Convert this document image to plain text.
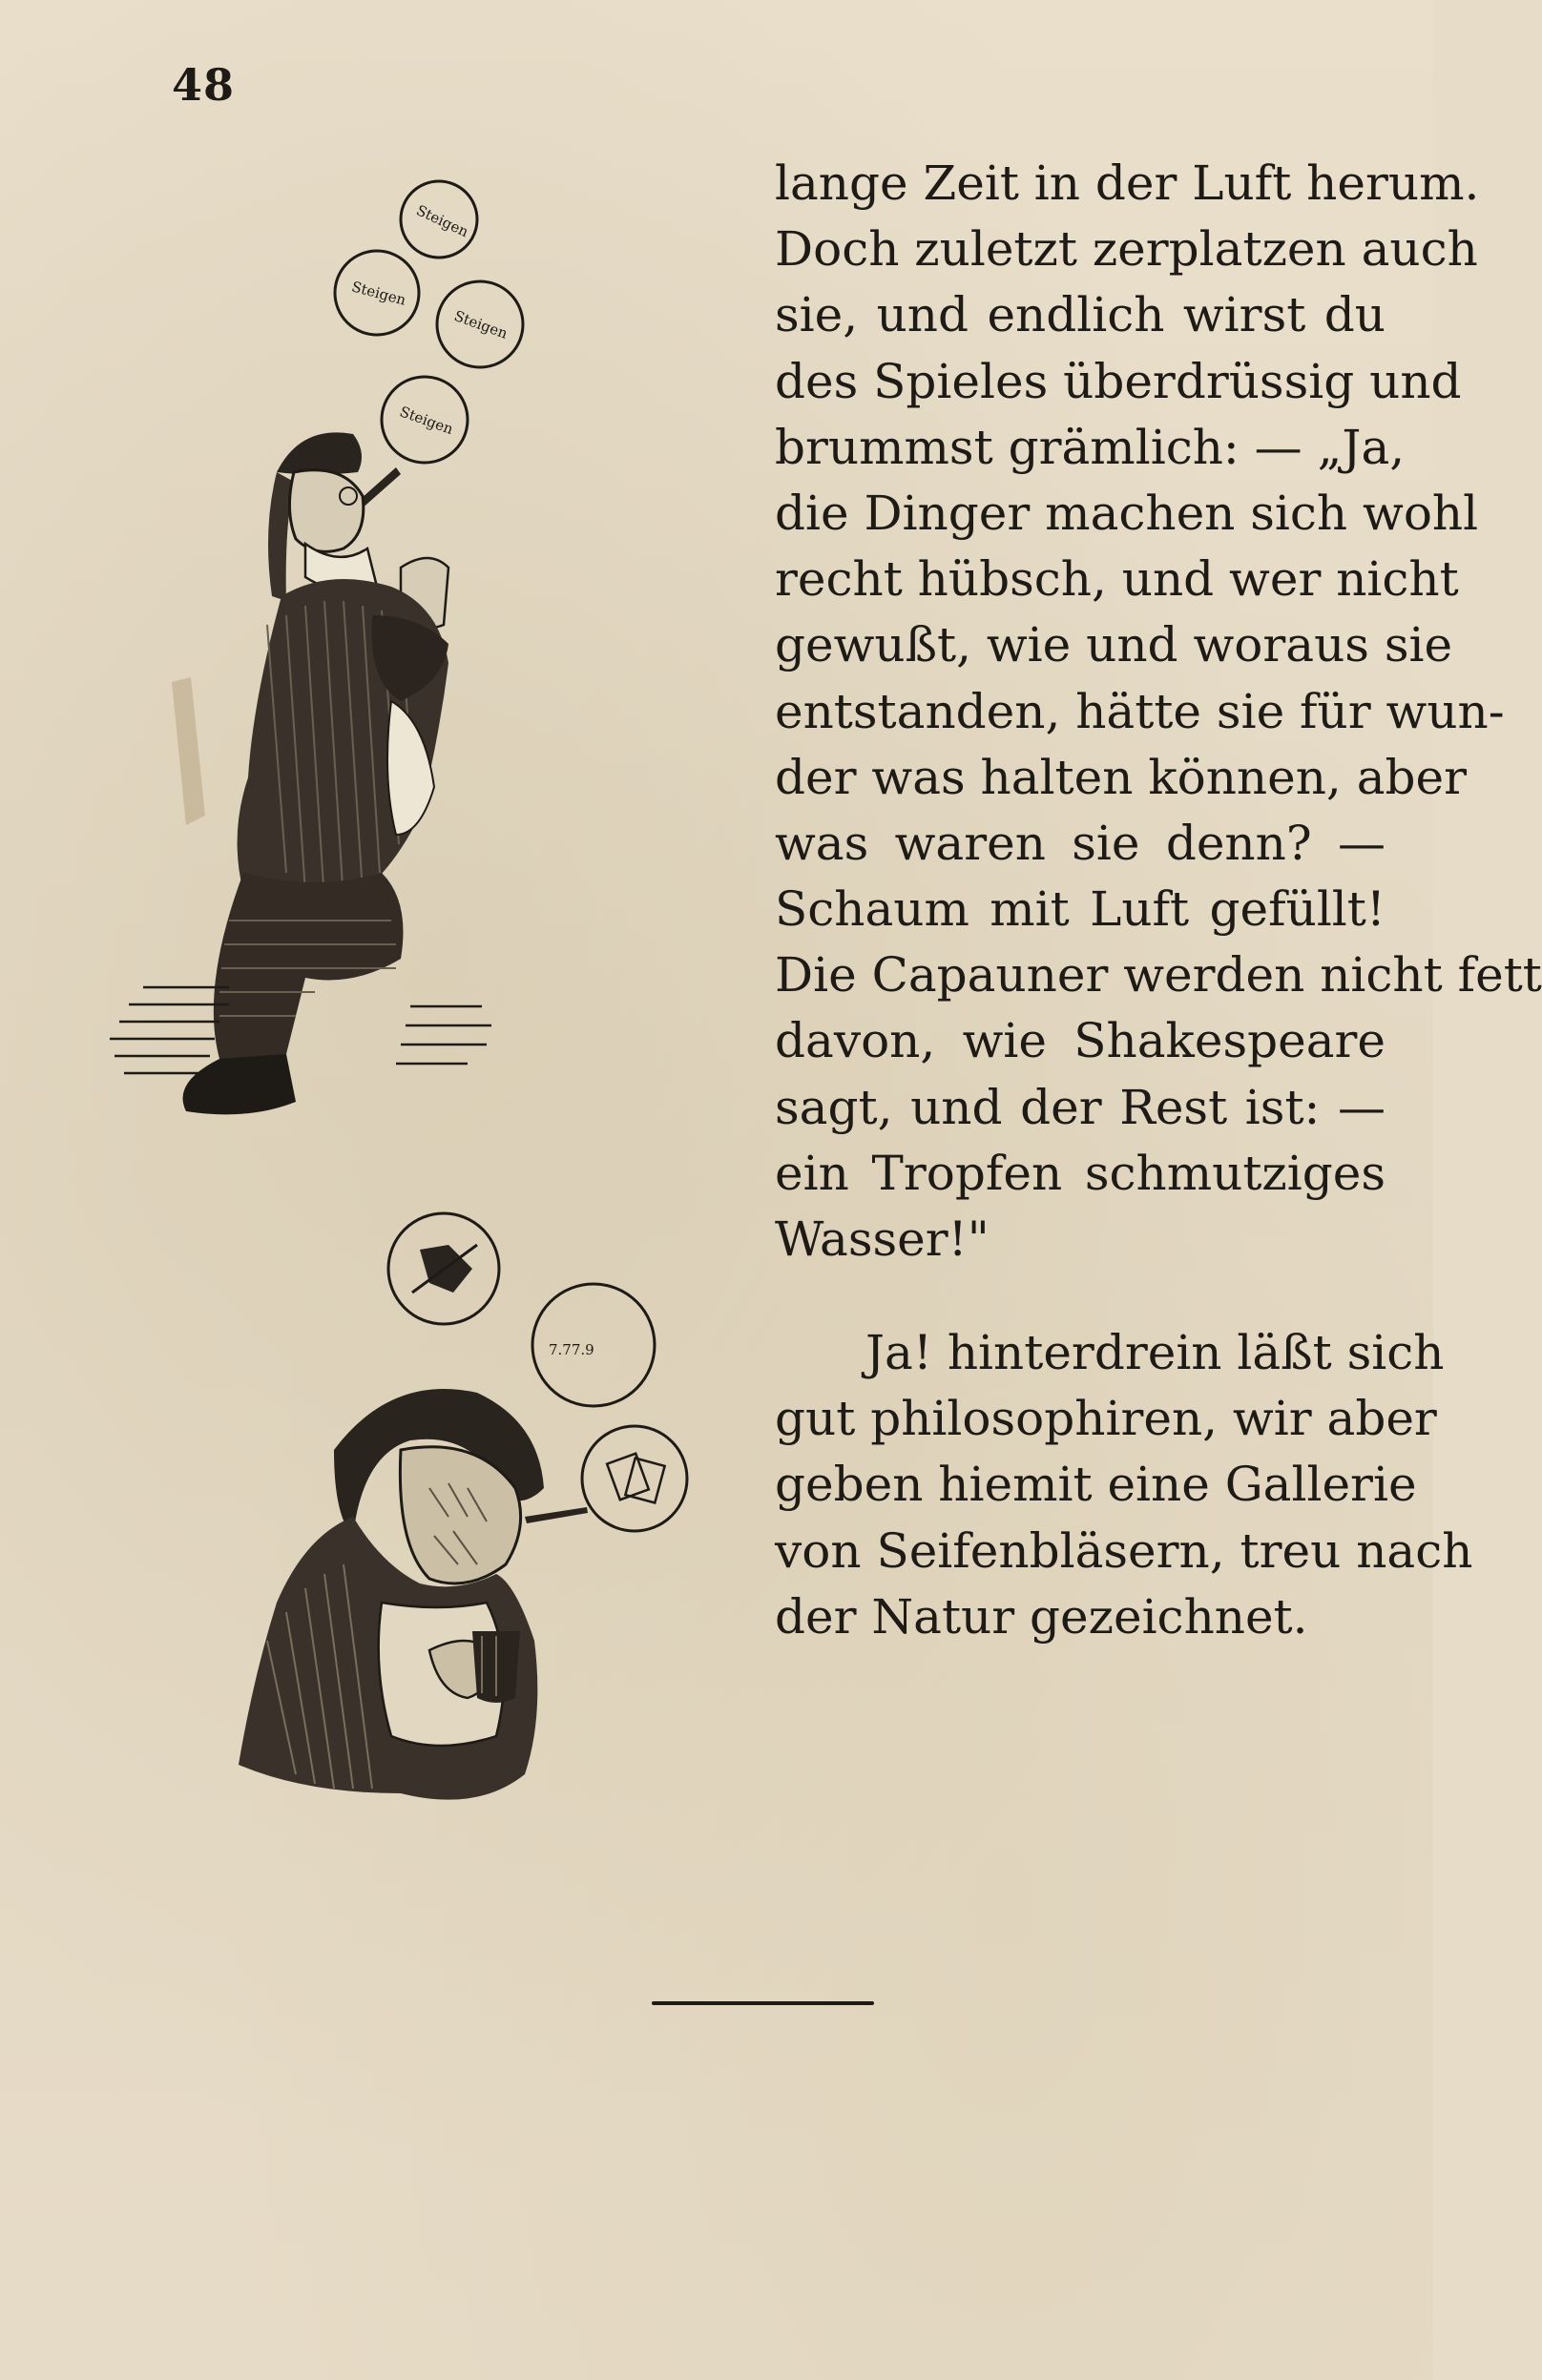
48
Steigen
Steigen
Steigen
Steigen
7.77.9
lange Zeit in der Luft herum.
Doch zuletzt zerplatzen auch
sie, und endlich wirst du
des Spieles überdrüssig und
brummst grämlich: — „Ja,
die Dinger machen sich wohl
recht hübsch, und wer nicht
gewußt, wie und woraus sie
entstanden, hätte sie für wun-
der was halten können, aber
was waren sie denn? —
Schaum mit Luft gefüllt!
Die Capauner werden nicht fett
davon, wie Shakespeare
sagt, und der Rest ist: —
ein Tropfen schmutziges
Wasser!"
Ja! hinterdrein läßt sich
gut philosophiren, wir aber
geben hiemit eine Gallerie
von Seifenbläsern, treu nach
der Natur gezeichnet.
